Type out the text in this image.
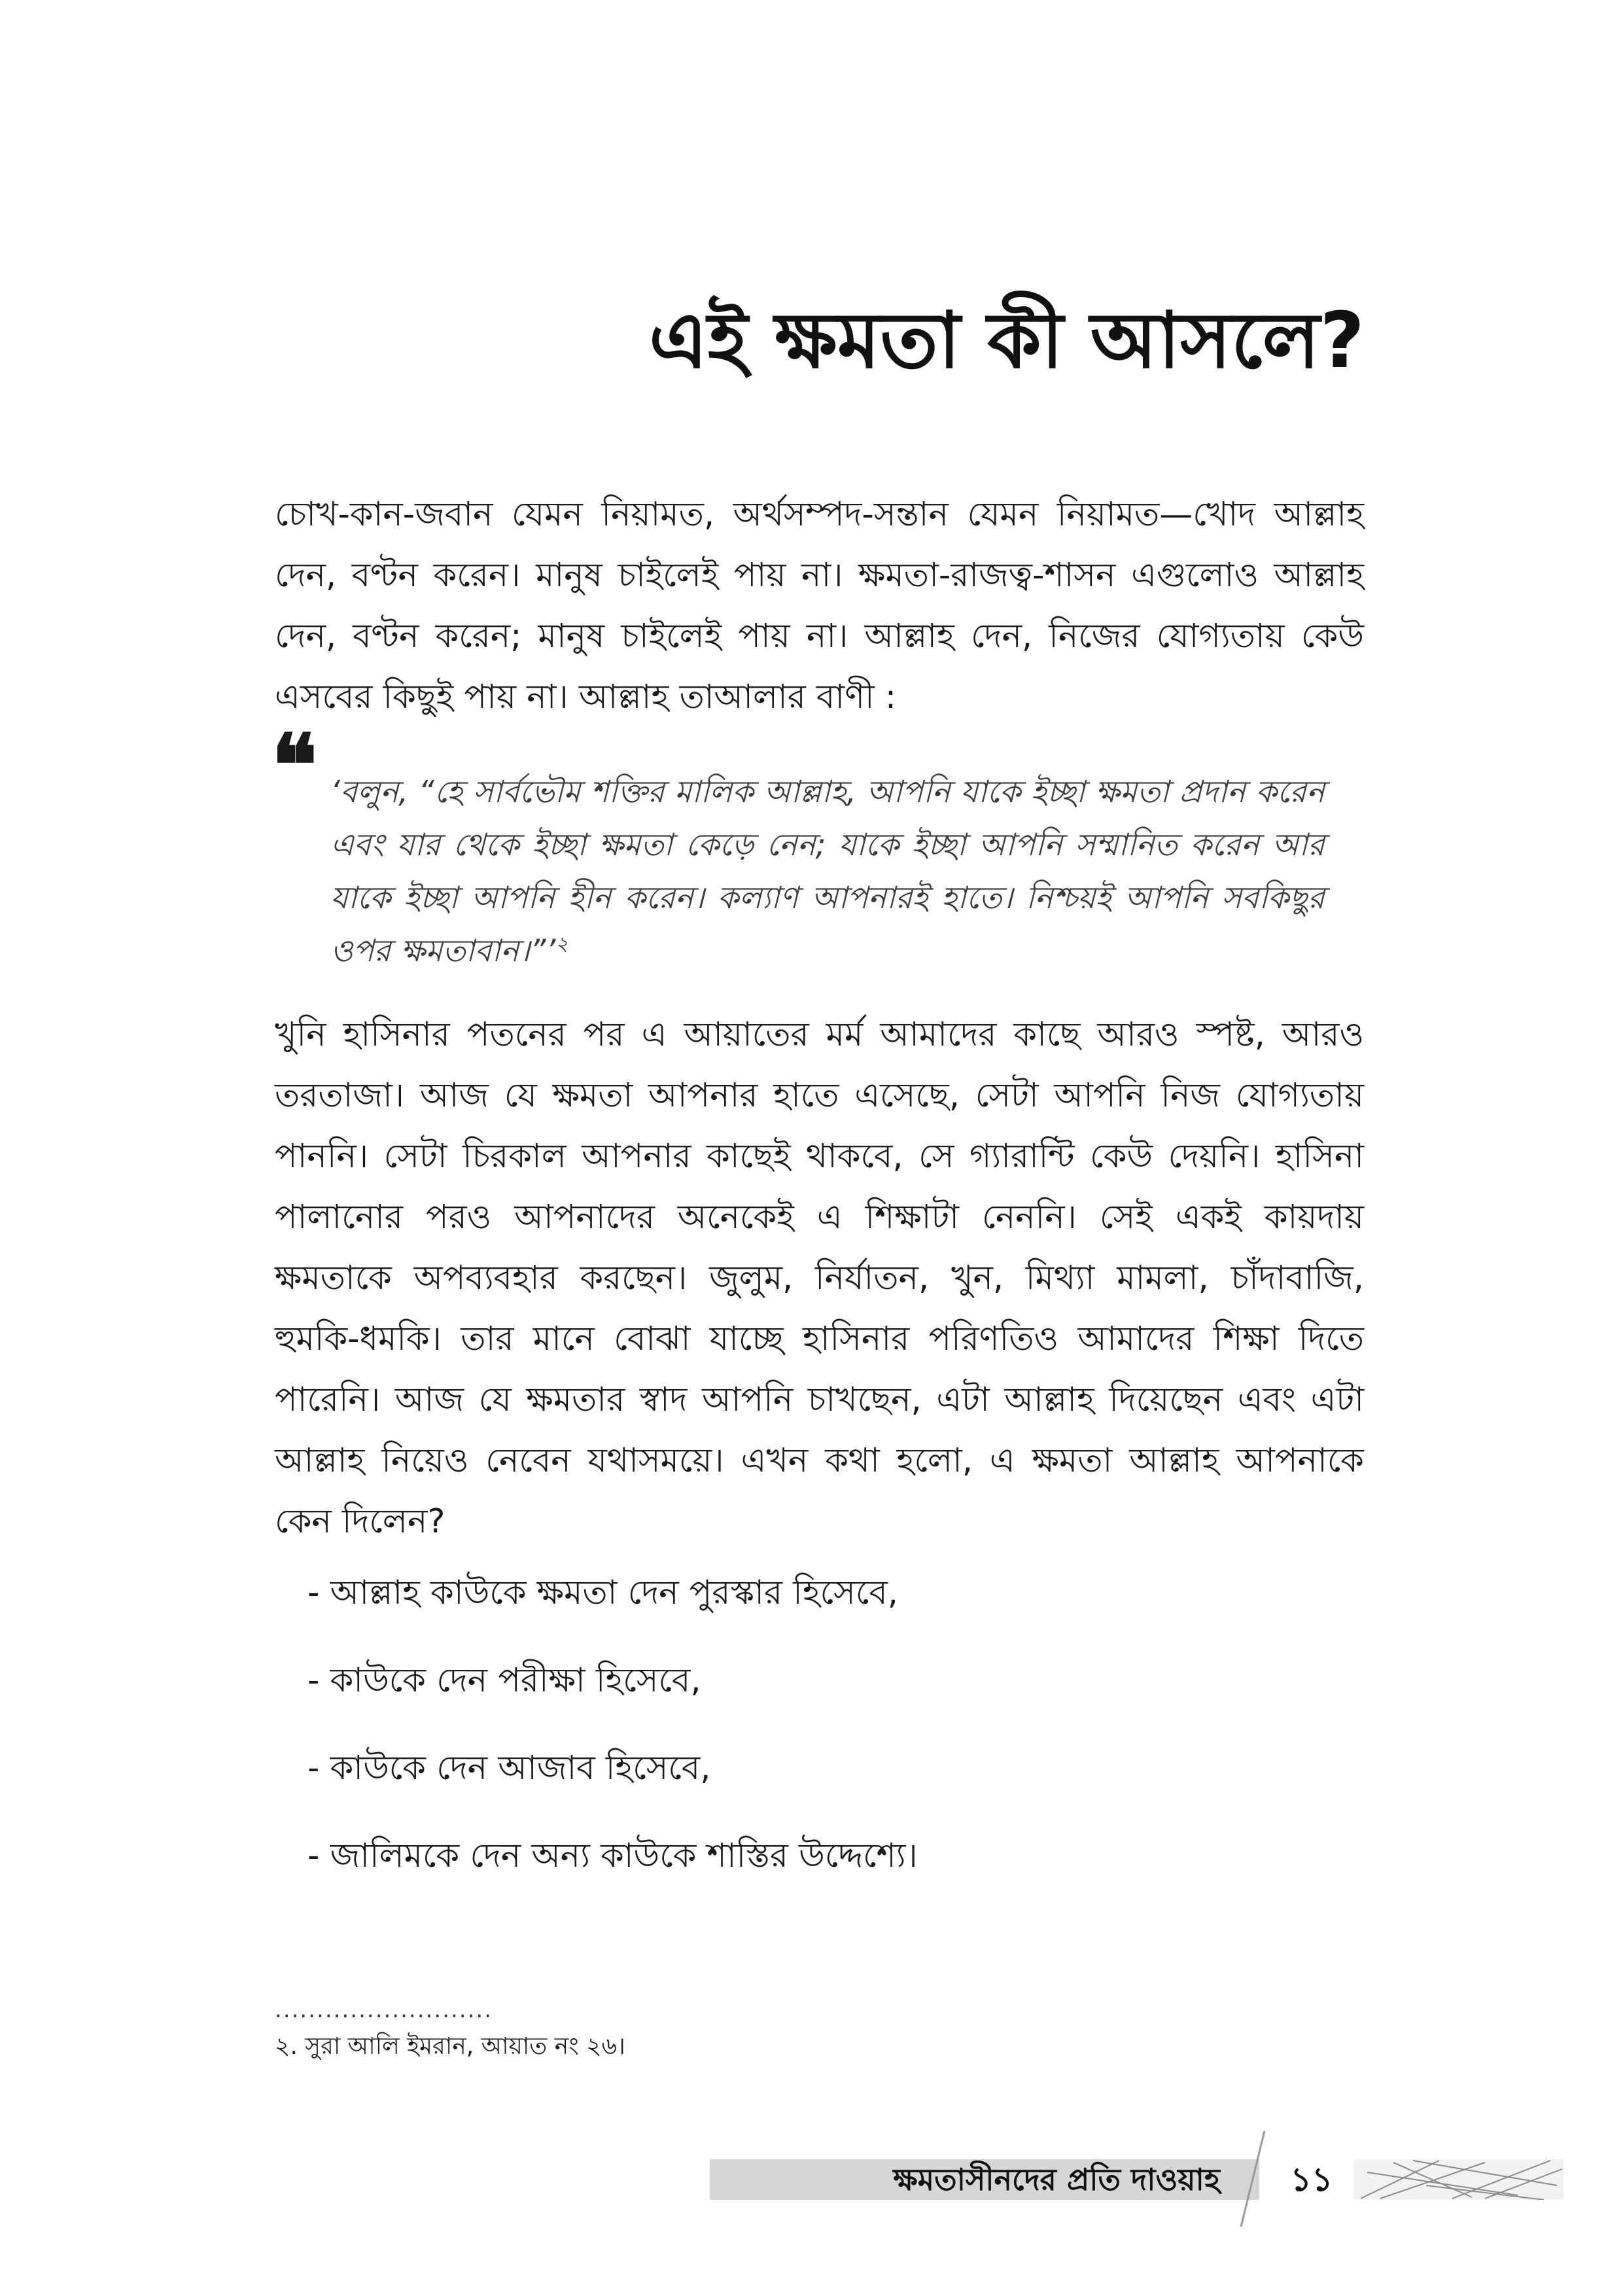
এই ক্ষমতা কী আসলে?

চোখ-কান-জবান যেমন নিয়ামত, অর্থসম্পদ-সন্তান যেমন নিয়ামত—খোদ আল্লাহ দেন, বণ্টন করেন। মানুষ চাইলেই পায় না। ক্ষমতা-রাজত্ব-শাসন এগুলোও আল্লাহ দেন, বণ্টন করেন; মানুষ চাইলেই পায় না। আল্লাহ দেন, নিজের যোগ্যতায় কেউ এসবের কিছুই পায় না। আল্লাহ তাআলার বাণী :

❝ ‘বলুন, “হে সার্বভৌম শক্তির মালিক আল্লাহ, আপনি যাকে ইচ্ছা ক্ষমতা প্রদান করেন এবং যার থেকে ইচ্ছা ক্ষমতা কেড়ে নেন; যাকে ইচ্ছা আপনি সম্মানিত করেন আর যাকে ইচ্ছা আপনি হীন করেন। কল্যাণ আপনারই হাতে। নিশ্চয়ই আপনি সবকিছুর ওপর ক্ষমতাবান।”’$^২$

খুনি হাসিনার পতনের পর এ আয়াতের মর্ম আমাদের কাছে আরও স্পষ্ট, আরও তরতাজা। আজ যে ক্ষমতা আপনার হাতে এসেছে, সেটা আপনি নিজ যোগ্যতায় পাননি। সেটা চিরকাল আপনার কাছেই থাকবে, সে গ্যারান্টি কেউ দেয়নি। হাসিনা পালানোর পরও আপনাদের অনেকেই এ শিক্ষাটা নেননি। সেই একই কায়দায় ক্ষমতাকে অপব্যবহার করছেন। জুলুম, নির্যাতন, খুন, মিথ্যা মামলা, চাঁদাবাজি, হুমকি-ধমকি। তার মানে বোঝা যাচ্ছে হাসিনার পরিণতিও আমাদের শিক্ষা দিতে পারেনি। আজ যে ক্ষমতার স্বাদ আপনি চাখছেন, এটা আল্লাহ দিয়েছেন এবং এটা আল্লাহ নিয়েও নেবেন যথাসময়ে। এখন কথা হলো, এ ক্ষমতা আল্লাহ আপনাকে কেন দিলেন?

- আল্লাহ কাউকে ক্ষমতা দেন পুরস্কার হিসেবে,
- কাউকে দেন পরীক্ষা হিসেবে,
- কাউকে দেন আজাব হিসেবে,
- জালিমকে দেন অন্য কাউকে শাস্তির উদ্দেশ্যে।
..........................
২. সুরা আলি ইমরান, আয়াত নং ২৬।
ক্ষমতাসীনদের প্রতি দাওয়াহ	১১
